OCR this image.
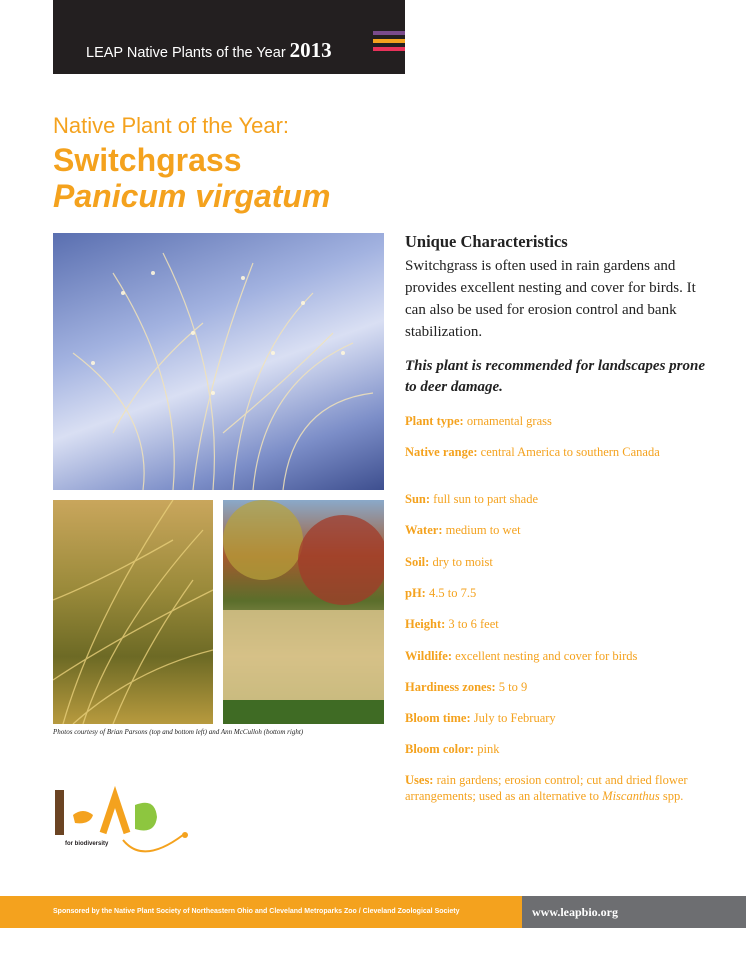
LEAP Native Plants of the Year 2013
Native Plant of the Year:
Switchgrass
Panicum virgatum
Photos courtesy of Brian Parsons (top and bottom left) and Ann McCulloh (bottom right)
for biodiversity
Unique Characteristics
Switchgrass is often used in rain gardens and provides excellent nesting and cover for birds. It can also be used for erosion control and bank stabilization.
This plant is recommended for landscapes prone to deer damage.
Plant type: ornamental grass
Native range: central America to southern Canada
Sun: full sun to part shade
Water: medium to wet
Soil: dry to moist
pH: 4.5 to 7.5
Height: 3 to 6 feet
Wildlife: excellent nesting and cover for birds
Hardiness zones: 5 to 9
Bloom time: July to February
Bloom color: pink
Uses: rain gardens; erosion control; cut and dried flower arrangements; used as an alternative to Miscanthus spp.
Sponsored by the Native Plant Society of Northeastern Ohio and Cleveland Metroparks Zoo / Cleveland Zoological Society	www.leapbio.org
